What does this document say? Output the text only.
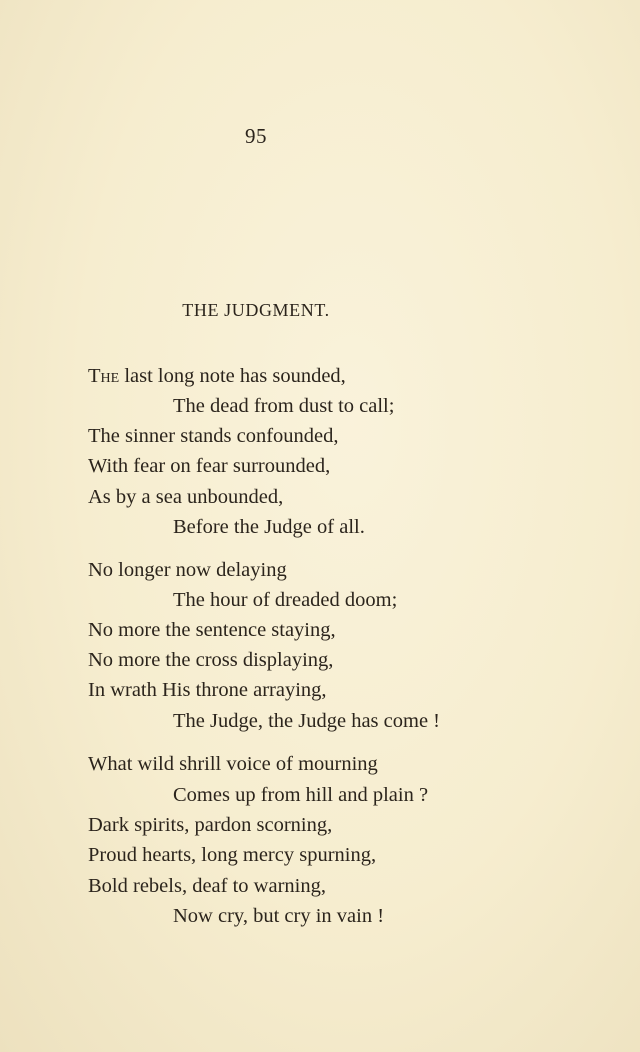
95
THE JUDGMENT.
The last long note has sounded,
The dead from dust to call;
The sinner stands confounded,
With fear on fear surrounded,
As by a sea unbounded,
Before the Judge of all.
No longer now delaying
The hour of dreaded doom;
No more the sentence staying,
No more the cross displaying,
In wrath His throne arraying,
The Judge, the Judge has come !
What wild shrill voice of mourning
Comes up from hill and plain ?
Dark spirits, pardon scorning,
Proud hearts, long mercy spurning,
Bold rebels, deaf to warning,
Now cry, but cry in vain !
